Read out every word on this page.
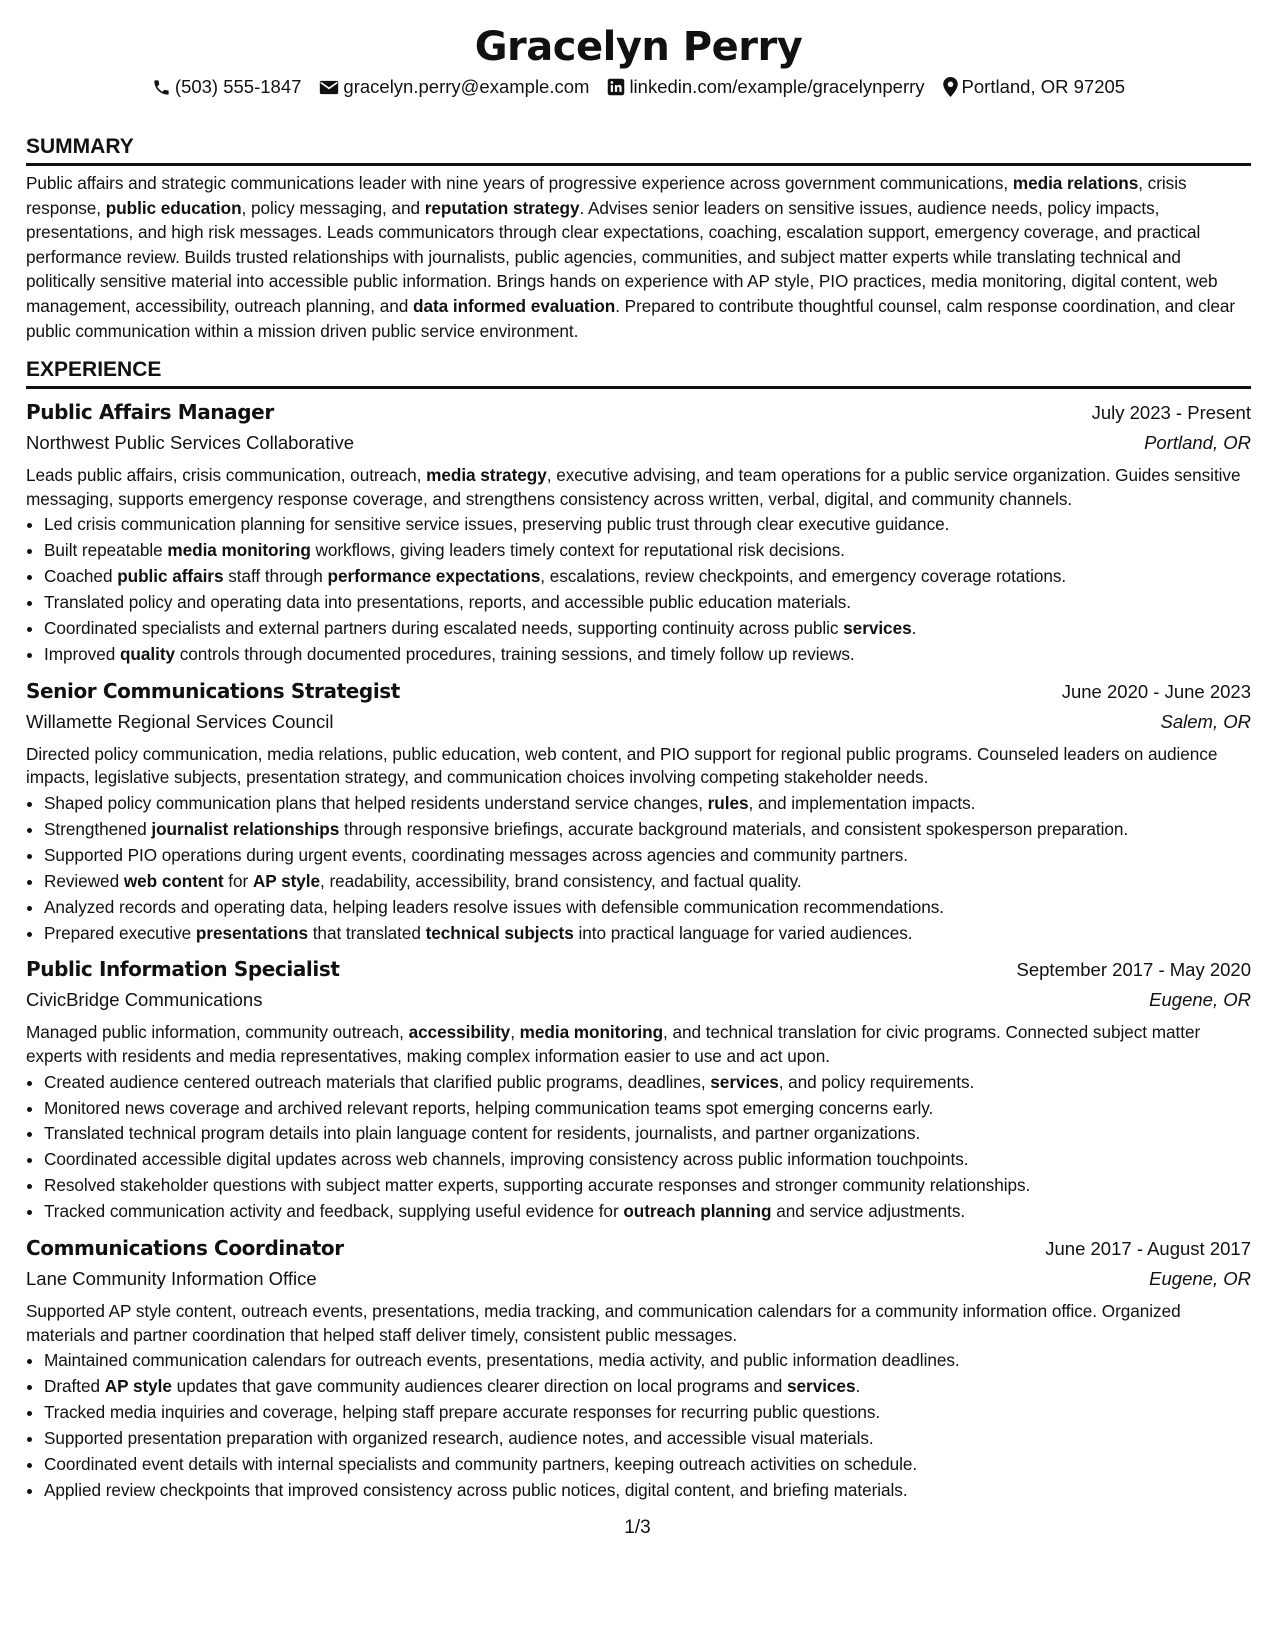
Gracelyn Perry
(503) 555-1847 gracelyn.perry@example.com linkedin.com/example/gracelynperry Portland, OR 97205
SUMMARY

Public affairs and strategic communications leader with nine years of progressive experience across government communications, media relations, crisis response, public education, policy messaging, and reputation strategy. Advises senior leaders on sensitive issues, audience needs, policy impacts, presentations, and high risk messages. Leads communicators through clear expectations, coaching, escalation support, emergency coverage, and practical performance review. Builds trusted relationships with journalists, public agencies, communities, and subject matter experts while translating technical and politically sensitive material into accessible public information. Brings hands on experience with AP style, PIO practices, media monitoring, digital content, web management, accessibility, outreach planning, and data informed evaluation. Prepared to contribute thoughtful counsel, calm response coordination, and clear public communication within a mission driven public service environment.

EXPERIENCE
Public Affairs Manager	July 2023 - Present
Northwest Public Services Collaborative	Portland, OR

Leads public affairs, crisis communication, outreach, media strategy, executive advising, and team operations for a public service organization. Guides sensitive messaging, supports emergency response coverage, and strengthens consistency across written, verbal, digital, and community channels.

• Led crisis communication planning for sensitive service issues, preserving public trust through clear executive guidance.
• Built repeatable media monitoring workflows, giving leaders timely context for reputational risk decisions.
• Coached public affairs staff through performance expectations, escalations, review checkpoints, and emergency coverage rotations.
• Translated policy and operating data into presentations, reports, and accessible public education materials.
• Coordinated specialists and external partners during escalated needs, supporting continuity across public services.
• Improved quality controls through documented procedures, training sessions, and timely follow up reviews.
Senior Communications Strategist	June 2020 - June 2023
Willamette Regional Services Council	Salem, OR

Directed policy communication, media relations, public education, web content, and PIO support for regional public programs. Counseled leaders on audience impacts, legislative subjects, presentation strategy, and communication choices involving competing stakeholder needs.

• Shaped policy communication plans that helped residents understand service changes, rules, and implementation impacts.
• Strengthened journalist relationships through responsive briefings, accurate background materials, and consistent spokesperson preparation.
• Supported PIO operations during urgent events, coordinating messages across agencies and community partners.
• Reviewed web content for AP style, readability, accessibility, brand consistency, and factual quality.
• Analyzed records and operating data, helping leaders resolve issues with defensible communication recommendations.
• Prepared executive presentations that translated technical subjects into practical language for varied audiences.
Public Information Specialist	September 2017 - May 2020
CivicBridge Communications	Eugene, OR

Managed public information, community outreach, accessibility, media monitoring, and technical translation for civic programs. Connected subject matter experts with residents and media representatives, making complex information easier to use and act upon.

• Created audience centered outreach materials that clarified public programs, deadlines, services, and policy requirements.
• Monitored news coverage and archived relevant reports, helping communication teams spot emerging concerns early.
• Translated technical program details into plain language content for residents, journalists, and partner organizations.
• Coordinated accessible digital updates across web channels, improving consistency across public information touchpoints.
• Resolved stakeholder questions with subject matter experts, supporting accurate responses and stronger community relationships.
• Tracked communication activity and feedback, supplying useful evidence for outreach planning and service adjustments.
Communications Coordinator	June 2017 - August 2017
Lane Community Information Office	Eugene, OR

Supported AP style content, outreach events, presentations, media tracking, and communication calendars for a community information office. Organized materials and partner coordination that helped staff deliver timely, consistent public messages.

• Maintained communication calendars for outreach events, presentations, media activity, and public information deadlines.
• Drafted AP style updates that gave community audiences clearer direction on local programs and services.
• Tracked media inquiries and coverage, helping staff prepare accurate responses for recurring public questions.
• Supported presentation preparation with organized research, audience notes, and accessible visual materials.
• Coordinated event details with internal specialists and community partners, keeping outreach activities on schedule.
• Applied review checkpoints that improved consistency across public notices, digital content, and briefing materials.
1/3
